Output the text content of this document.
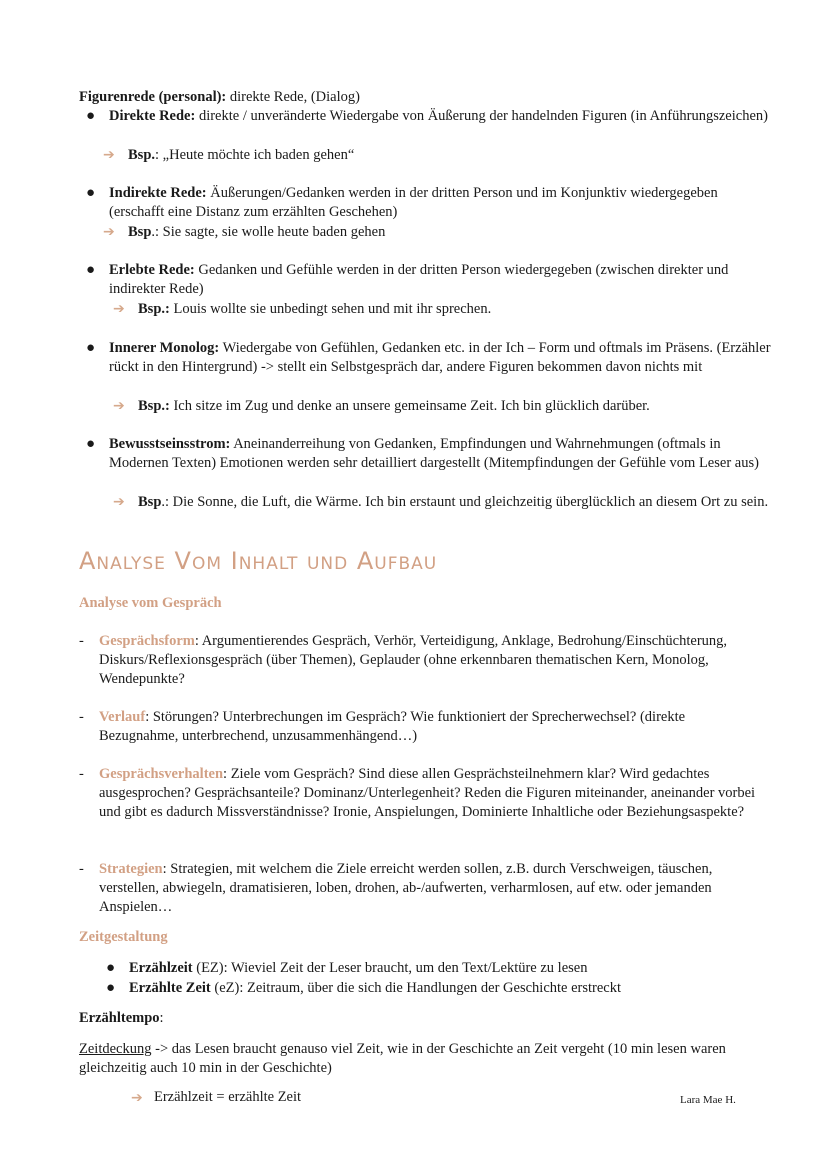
Figurenrede (personal): direkte Rede, (Dialog)
● Direkte Rede: direkte / unveränderte Wiedergabe von Äußerung der handelnden Figuren (in Anführungszeichen)
➔ Bsp.: „Heute möchte ich baden gehen“
● Indirekte Rede: Äußerungen/Gedanken werden in der dritten Person und im Konjunktiv wiedergegeben (erschafft eine Distanz zum erzählten Geschehen)
➔ Bsp.: Sie sagte, sie wolle heute baden gehen
● Erlebte Rede: Gedanken und Gefühle werden in der dritten Person wiedergegeben (zwischen direkter und indirekter Rede)
➔ Bsp.: Louis wollte sie unbedingt sehen und mit ihr sprechen.
● Innerer Monolog: Wiedergabe von Gefühlen, Gedanken etc. in der Ich – Form und oftmals im Präsens. (Erzähler rückt in den Hintergrund) -> stellt ein Selbstgespräch dar, andere Figuren bekommen davon nichts mit
➔ Bsp.: Ich sitze im Zug und denke an unsere gemeinsame Zeit. Ich bin glücklich darüber.
● Bewusstseinsstrom: Aneinanderreihung von Gedanken, Empfindungen und Wahrnehmungen (oftmals in Modernen Texten) Emotionen werden sehr detailliert dargestellt (Mitempfindungen der Gefühle vom Leser aus)
➔ Bsp.: Die Sonne, die Luft, die Wärme. Ich bin erstaunt und gleichzeitig überglücklich an diesem Ort zu sein.
Analyse Vom Inhalt und Aufbau
Analyse vom Gespräch
- Gesprächsform: Argumentierendes Gespräch, Verhör, Verteidigung, Anklage, Bedrohung/Einschüchterung, Diskurs/Reflexionsgespräch (über Themen), Geplauder (ohne erkennbaren thematischen Kern, Monolog, Wendepunkte?
- Verlauf: Störungen? Unterbrechungen im Gespräch? Wie funktioniert der Sprecherwechsel? (direkte Bezugnahme, unterbrechend, unzusammenhängend…)
- Gesprächsverhalten: Ziele vom Gespräch? Sind diese allen Gesprächsteilnehmern klar? Wird gedachtes ausgesprochen? Gesprächsanteile? Dominanz/Unterlegenheit? Reden die Figuren miteinander, aneinander vorbei und gibt es dadurch Missverständnisse? Ironie, Anspielungen, Dominierte Inhaltliche oder Beziehungsaspekte?
- Strategien: Strategien, mit welchem die Ziele erreicht werden sollen, z.B. durch Verschweigen, täuschen, verstellen, abwiegeln, dramatisieren, loben, drohen, ab-/aufwerten, verharmlosen, auf etw. oder jemanden Anspielen…
Zeitgestaltung
● Erzählzeit (EZ): Wieviel Zeit der Leser braucht, um den Text/Lektüre zu lesen
● Erzählte Zeit (eZ): Zeitraum, über die sich die Handlungen der Geschichte erstreckt
Erzähltempo:
Zeitdeckung -> das Lesen braucht genauso viel Zeit, wie in der Geschichte an Zeit vergeht (10 min lesen waren gleichzeitig auch 10 min in der Geschichte)
➔ Erzählzeit = erzählte Zeit	Lara Mae H.
